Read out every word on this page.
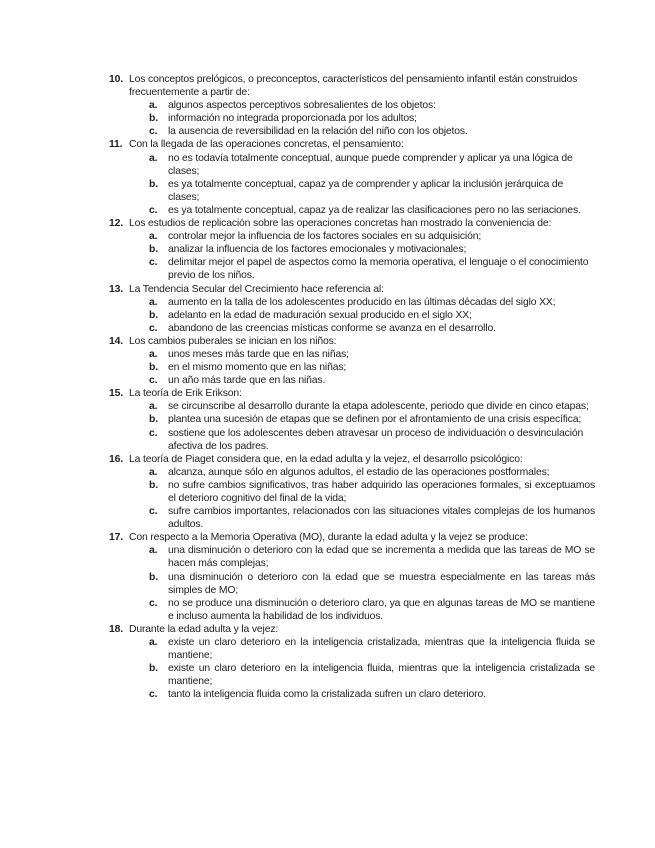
10. Los conceptos prelógicos, o preconceptos, característicos del pensamiento infantil están construidos frecuentemente a partir de:
a. algunos aspectos perceptivos sobresalientes de los objetos:
b. información no integrada proporcionada por los adultos;
c. la ausencia de reversibilidad en la relación del niño con los objetos.
11. Con la llegada de las operaciones concretas, el pensamiento:
a. no es todavía totalmente conceptual, aunque puede comprender y aplicar ya una lógica de clases;
b. es ya totalmente conceptual, capaz ya de comprender y aplicar la inclusión jerárquica de clases;
c. es ya totalmente conceptual, capaz ya de realizar las clasificaciones pero no las seriaciones.
12. Los estudios de replicación sobre las operaciones concretas han mostrado la conveniencia de:
a. controlar mejor la influencia de los factores sociales en su adquisición;
b. analizar la influencia de los factores emocionales y motivacionales;
c. delimitar mejor el papel de aspectos como la memoria operativa, el lenguaje o el conocimiento previo de los niños.
13. La Tendencia Secular del Crecimiento hace referencia al:
a. aumento en la talla de los adolescentes producido en las últimas décadas del siglo XX;
b. adelanto en la edad de maduración sexual producido en el siglo XX;
c. abandono de las creencias místicas conforme se avanza en el desarrollo.
14. Los cambios puberales se inician en los niños:
a. unos meses más tarde que en las niñas;
b. en el mismo momento que en las niñas;
c. un año más tarde que en las niñas.
15. La teoría de Erik Erikson:
a. se circunscribe al desarrollo durante la etapa adolescente, periodo que divide en cinco etapas;
b. plantea una sucesión de etapas que se definen por el afrontamiento de una crisis específica;
c. sostiene que los adolescentes deben atravesar un proceso de individuación o desvinculación afectiva de los padres.
16. La teoría de Piaget considera que, en la edad adulta y la vejez, el desarrollo psicológico:
a. alcanza, aunque sólo en algunos adultos, el estadio de las operaciones postformales;
b. no sufre cambios significativos, tras haber adquirido las operaciones formales, si exceptuamos el deterioro cognitivo del final de la vida;
c. sufre cambios importantes, relacionados con las situaciones vitales complejas de los humanos adultos.
17. Con respecto a la Memoria Operativa (MO), durante la edad adulta y la vejez se produce:
a. una disminución o deterioro con la edad que se incrementa a medida que las tareas de MO se hacen más complejas;
b. una disminución o deterioro con la edad que se muestra especialmente en las tareas más simples de MO;
c. no se produce una disminución o deterioro claro, ya que en algunas tareas de MO se mantiene e incluso aumenta la habilidad de los individuos.
18. Durante la edad adulta y la vejez:
a. existe un claro deterioro en la inteligencia cristalizada, mientras que la inteligencia fluida se mantiene;
b. existe un claro deterioro en la inteligencia fluida, mientras que la inteligencia cristalizada se mantiene;
c. tanto la inteligencia fluida como la cristalizada sufren un claro deterioro.
